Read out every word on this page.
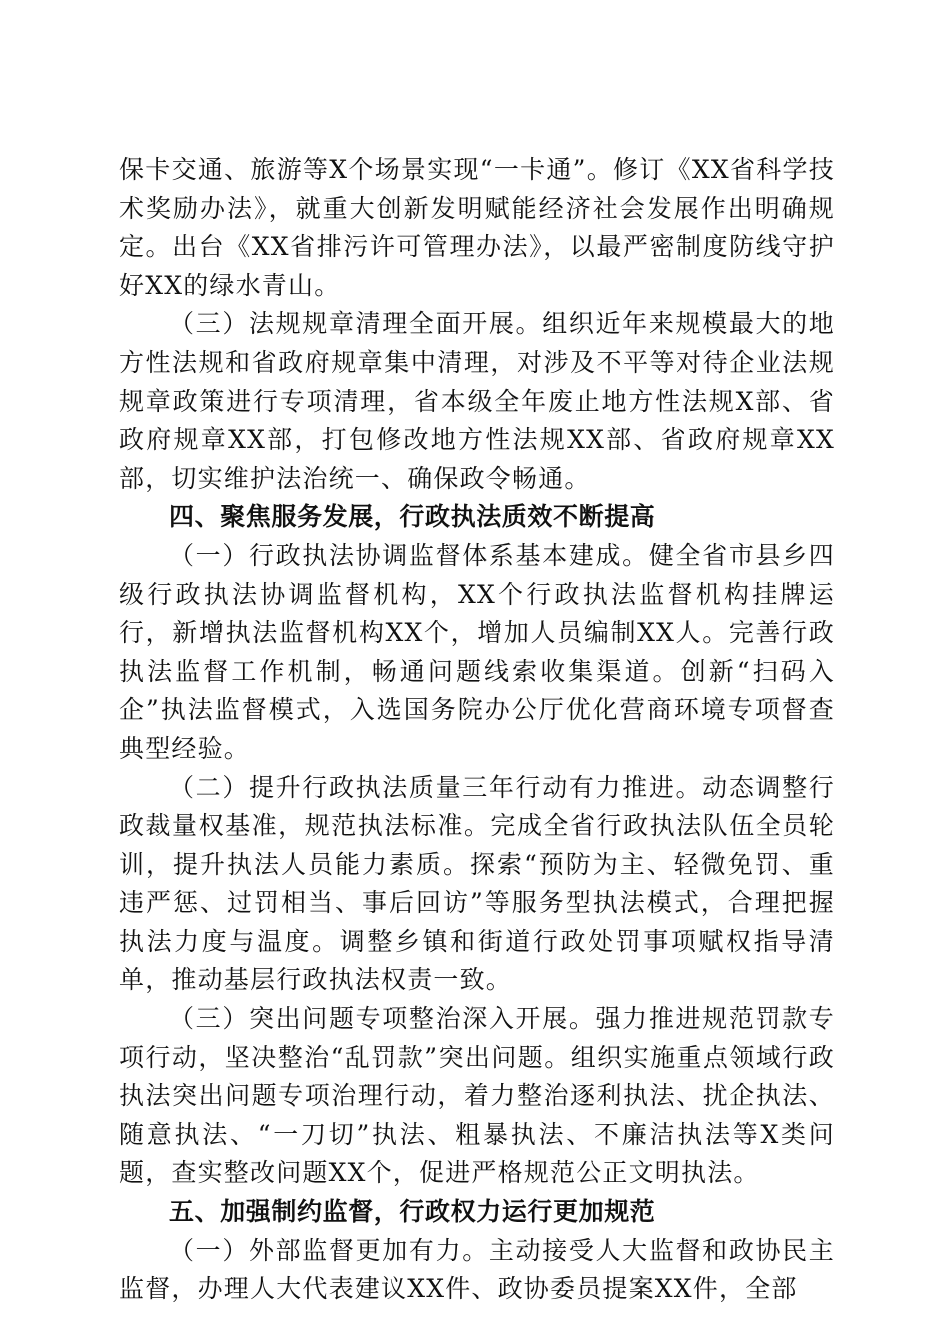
保卡交通、旅游等X个场景实现“一卡通”。修订《XX省科学技术奖励办法》，就重大创新发明赋能经济社会发展作出明确规定。出台《XX省排污许可管理办法》，以最严密制度防线守护好XX的绿水青山。

（三）法规规章清理全面开展。组织近年来规模最大的地方性法规和省政府规章集中清理，对涉及不平等对待企业法规规章政策进行专项清理，省本级全年废止地方性法规X部、省政府规章XX部，打包修改地方性法规XX部、省政府规章XX部，切实维护法治统一、确保政令畅通。

四、聚焦服务发展，行政执法质效不断提高

（一）行政执法协调监督体系基本建成。健全省市县乡四级行政执法协调监督机构，XX个行政执法监督机构挂牌运行，新增执法监督机构XX个，增加人员编制XX人。完善行政执法监督工作机制，畅通问题线索收集渠道。创新“扫码入企”执法监督模式，入选国务院办公厅优化营商环境专项督查典型经验。

（二）提升行政执法质量三年行动有力推进。动态调整行政裁量权基准，规范执法标准。完成全省行政执法队伍全员轮训，提升执法人员能力素质。探索“预防为主、轻微免罚、重违严惩、过罚相当、事后回访”等服务型执法模式，合理把握执法力度与温度。调整乡镇和街道行政处罚事项赋权指导清单，推动基层行政执法权责一致。

（三）突出问题专项整治深入开展。强力推进规范罚款专项行动，坚决整治“乱罚款”突出问题。组织实施重点领域行政执法突出问题专项治理行动，着力整治逐利执法、扰企执法、随意执法、“一刀切”执法、粗暴执法、不廉洁执法等X类问题，查实整改问题XX个，促进严格规范公正文明执法。

五、加强制约监督，行政权力运行更加规范

（一）外部监督更加有力。主动接受人大监督和政协民主监督，办理人大代表建议XX件、政协委员提案XX件，全部
